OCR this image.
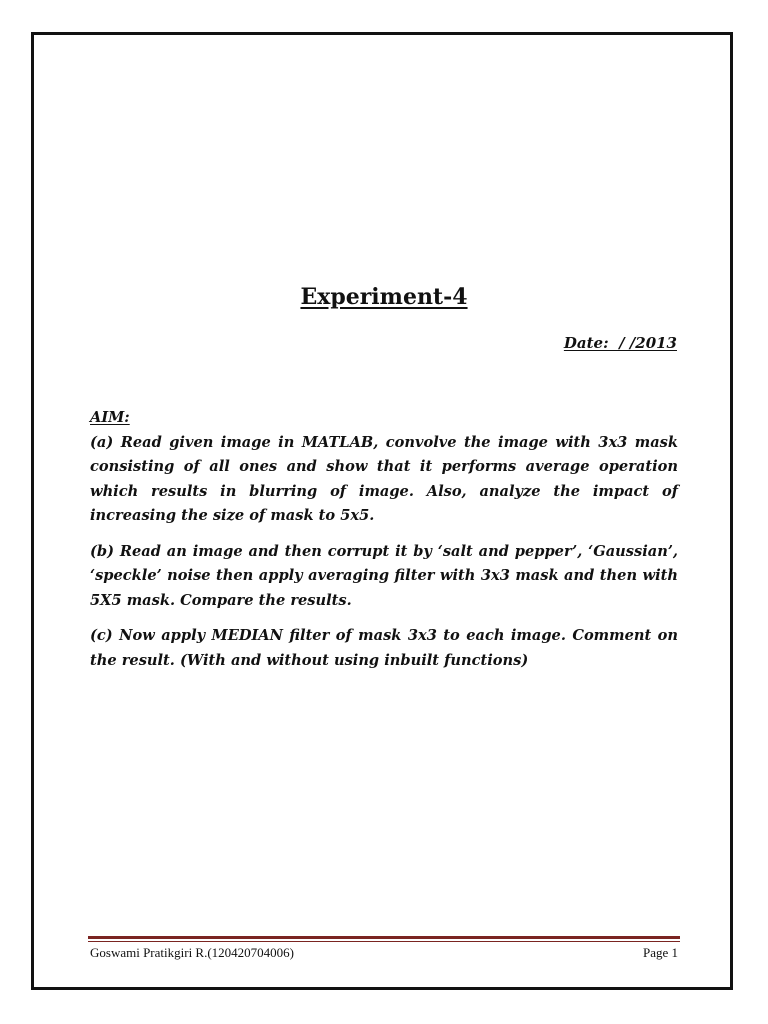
Experiment-4
Date:  / /2013

AIM:

(a) Read given image in MATLAB, convolve the image with 3x3 mask consisting of all ones and show that it performs average operation which results in blurring of image. Also, analyze the impact of increasing the size of mask to 5x5.

(b) Read an image and then corrupt it by ‘salt and pepper’, ‘Gaussian’, ‘speckle’ noise then apply averaging filter with 3x3 mask and then with 5X5 mask. Compare the results.

(c) Now apply MEDIAN filter of mask 3x3 to each image. Comment on the result. (With and without using inbuilt functions)

Goswami Pratikgiri R.(120420704006)	Page 1
